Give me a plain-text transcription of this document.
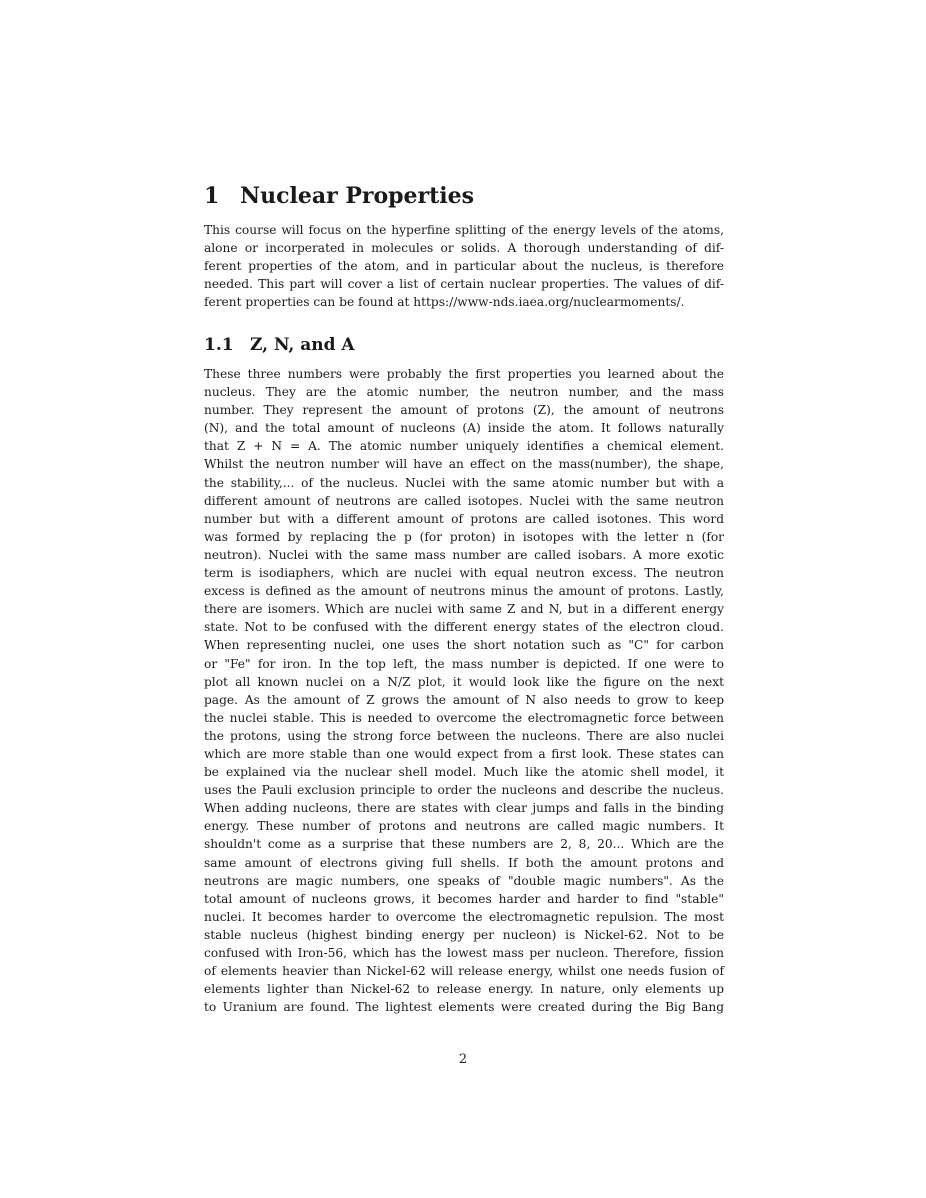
1 Nuclear Properties
This course will focus on the hyperfine splitting of the energy levels of the atoms,
alone or incorperated in molecules or solids. A thorough understanding of dif-
ferent properties of the atom, and in particular about the nucleus, is therefore
needed. This part will cover a list of certain nuclear properties. The values of dif-
ferent properties can be found at https://www-nds.iaea.org/nuclearmoments/.
1.1 Z, N, and A
These three numbers were probably the first properties you learned about the
nucleus. They are the atomic number, the neutron number, and the mass
number. They represent the amount of protons (Z), the amount of neutrons
(N), and the total amount of nucleons (A) inside the atom. It follows naturally
that Z + N = A. The atomic number uniquely identifies a chemical element.
Whilst the neutron number will have an effect on the mass(number), the shape,
the stability,... of the nucleus. Nuclei with the same atomic number but with a
different amount of neutrons are called isotopes. Nuclei with the same neutron
number but with a different amount of protons are called isotones. This word
was formed by replacing the p (for proton) in isotopes with the letter n (for
neutron). Nuclei with the same mass number are called isobars. A more exotic
term is isodiaphers, which are nuclei with equal neutron excess. The neutron
excess is defined as the amount of neutrons minus the amount of protons. Lastly,
there are isomers. Which are nuclei with same Z and N, but in a different energy
state. Not to be confused with the different energy states of the electron cloud.
When representing nuclei, one uses the short notation such as "C" for carbon
or "Fe" for iron. In the top left, the mass number is depicted. If one were to
plot all known nuclei on a N/Z plot, it would look like the figure on the next
page. As the amount of Z grows the amount of N also needs to grow to keep
the nuclei stable. This is needed to overcome the electromagnetic force between
the protons, using the strong force between the nucleons. There are also nuclei
which are more stable than one would expect from a first look. These states can
be explained via the nuclear shell model. Much like the atomic shell model, it
uses the Pauli exclusion principle to order the nucleons and describe the nucleus.
When adding nucleons, there are states with clear jumps and falls in the binding
energy. These number of protons and neutrons are called magic numbers. It
shouldn't come as a surprise that these numbers are 2, 8, 20... Which are the
same amount of electrons giving full shells. If both the amount protons and
neutrons are magic numbers, one speaks of "double magic numbers". As the
total amount of nucleons grows, it becomes harder and harder to find "stable"
nuclei. It becomes harder to overcome the electromagnetic repulsion. The most
stable nucleus (highest binding energy per nucleon) is Nickel-62. Not to be
confused with Iron-56, which has the lowest mass per nucleon. Therefore, fission
of elements heavier than Nickel-62 will release energy, whilst one needs fusion of
elements lighter than Nickel-62 to release energy. In nature, only elements up
to Uranium are found. The lightest elements were created during the Big Bang
2
